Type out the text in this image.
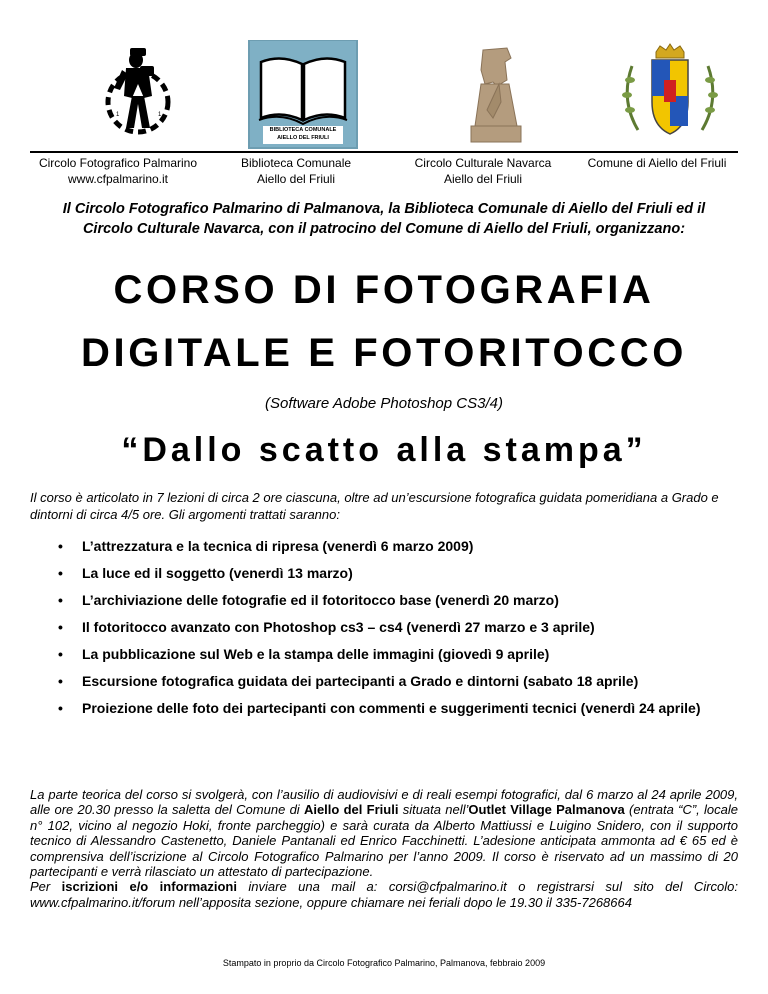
1	1
BIBLIOTECA COMUNALE
AIELLO DEL FRIULI
Circolo Fotografico Palmarino
www.cfpalmarino.it
Biblioteca Comunale
Aiello del Friuli
Circolo Culturale Navarca
Aiello del Friuli
Comune di Aiello del Friuli
Il Circolo Fotografico Palmarino di Palmanova, la Biblioteca Comunale di Aiello del Friuli ed il Circolo Culturale Navarca, con il patrocino del Comune di Aiello del Friuli, organizzano:
CORSO DI FOTOGRAFIA
DIGITALE E FOTORITOCCO
(Software Adobe Photoshop CS3/4)
“Dallo scatto alla stampa”
Il corso è articolato in 7 lezioni di circa 2 ore ciascuna, oltre ad un’escursione fotografica guidata pomeridiana a Grado e dintorni di circa 4/5 ore. Gli argomenti trattati saranno:
• L’attrezzatura e la tecnica di ripresa (venerdì 6 marzo 2009)
• La luce ed il soggetto (venerdì 13 marzo)
• L’archiviazione delle fotografie ed il fotoritocco base (venerdì 20 marzo)
• Il fotoritocco avanzato con Photoshop cs3 – cs4 (venerdì 27 marzo e 3 aprile)
• La pubblicazione sul Web e la stampa delle immagini (giovedì 9 aprile)
• Escursione fotografica guidata dei partecipanti a Grado e dintorni (sabato 18 aprile)
• Proiezione delle foto dei partecipanti con commenti e suggerimenti tecnici (venerdì 24 aprile)
La parte teorica del corso si svolgerà, con l’ausilio di audiovisivi e di reali esempi fotografici, dal 6 marzo al 24 aprile 2009, alle ore 20.30 presso la saletta del Comune di Aiello del Friuli situata nell’Outlet Village Palmanova (entrata “C”, locale n° 102, vicino al negozio Hoki, fronte parcheggio) e sarà curata da Alberto Mattiussi e Luigino Snidero, con il supporto tecnico di Alessandro Castenetto, Daniele Pantanali ed Enrico Facchinetti. L’adesione anticipata ammonta ad € 65 ed è comprensiva dell’iscrizione al Circolo Fotografico Palmarino per l’anno 2009. Il corso è riservato ad un massimo di 20 partecipanti e verrà rilasciato un attestato di partecipazione.
Per iscrizioni e/o informazioni inviare una mail a: corsi@cfpalmarino.it o registrarsi sul sito del Circolo: www.cfpalmarino.it/forum nell’apposita sezione, oppure chiamare nei feriali dopo le 19.30 il 335-7268664
Stampato in proprio da Circolo Fotografico Palmarino, Palmanova, febbraio 2009
